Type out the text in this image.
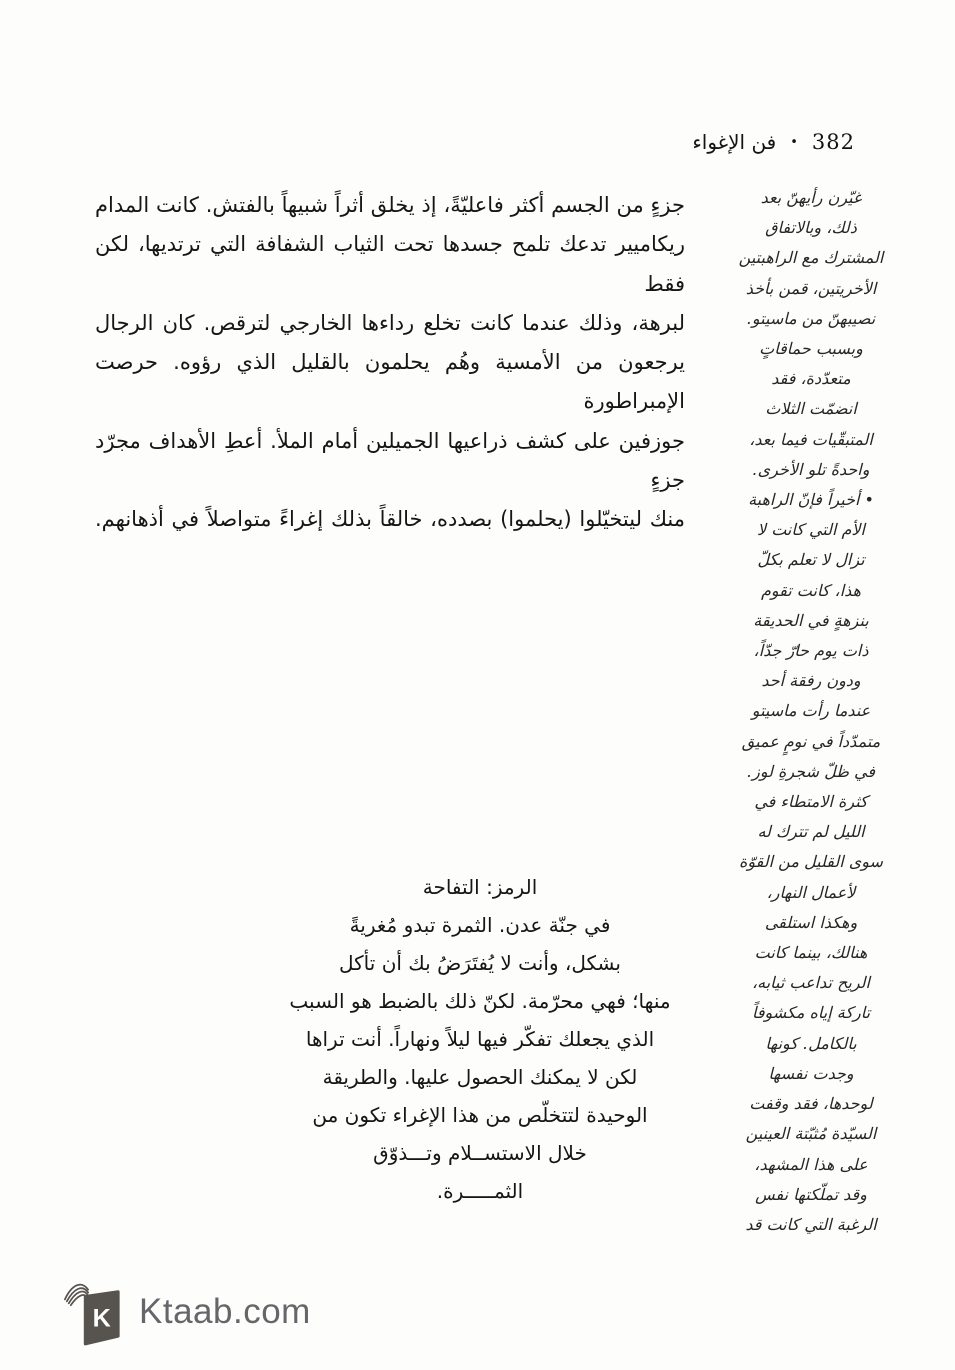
382
•
فن الإغواء
جزءٍ من الجسم أكثر فاعليّةً، إذ يخلق أثراً شبيهاً بالفتش. كانت المدام
ريكاميير تدعك تلمح جسدها تحت الثياب الشفافة التي ترتديها، لكن فقط
لبرهة، وذلك عندما كانت تخلع رداءها الخارجي لترقص. كان الرجال
يرجعون من الأمسية وهُم يحلمون بالقليل الذي رؤوه. حرصت الإمبراطورة
جوزفين على كشف ذراعيها الجميلين أمام الملأ. أعطِ الأهداف مجرّد جزءٍ
منك ليتخيّلوا (يحلموا) بصدده، خالقاً بذلك إغراءً متواصلاً في أذهانهم.
غيّرن رأيهنّ بعد
ذلك، وبالاتفاق
المشترك مع الراهبتين
الأخريتين، قمن بأخذ
نصيبهنّ من ماسيتو.
وبسبب حماقاتٍ
متعدّدة، فقد
انضمّت الثلاث
المتبقّيات فيما بعد،
واحدةً تلو الأخرى.
• أخيراً فإنّ الراهبة
الأم التي كانت لا
تزال لا تعلم بكلّ
هذا، كانت تقوم
بنزهةٍ في الحديقة
ذات يوم حارّ جدّاً،
ودون رفقة أحد
عندما رأت ماسيتو
متمدّداً في نومٍ عميق
في ظلّ شجرةِ لوز.
كثرة الامتطاء في
الليل لم تترك له
سوى القليل من القوّة
لأعمال النهار،
وهكذا استلقى
هنالك، بينما كانت
الريح تداعب ثيابه،
تاركة إياه مكشوفاً
بالكامل. كونها
وجدت نفسها
لوحدها، فقد وقفت
السيّدة مُثبّتة العينين
على هذا المشهد،
وقد تملّكتها نفس
الرغبة التي كانت قد
الرمز: التفاحة
في جنّة عدن. الثمرة تبدو مُغريةً
بشكل، وأنت لا يُفتَرَضُ بك أن تأكل
منها؛ فهي محرّمة. لكنّ ذلك بالضبط هو السبب
الذي يجعلك تفكّر فيها ليلاً ونهاراً. أنت تراها
لكن لا يمكنك الحصول عليها. والطريقة
الوحيدة لتتخلّص من هذا الإغراء تكون من
خلال الاستســلام وتـــذوّق
الثمـــــرة.
K Ktaab.com
